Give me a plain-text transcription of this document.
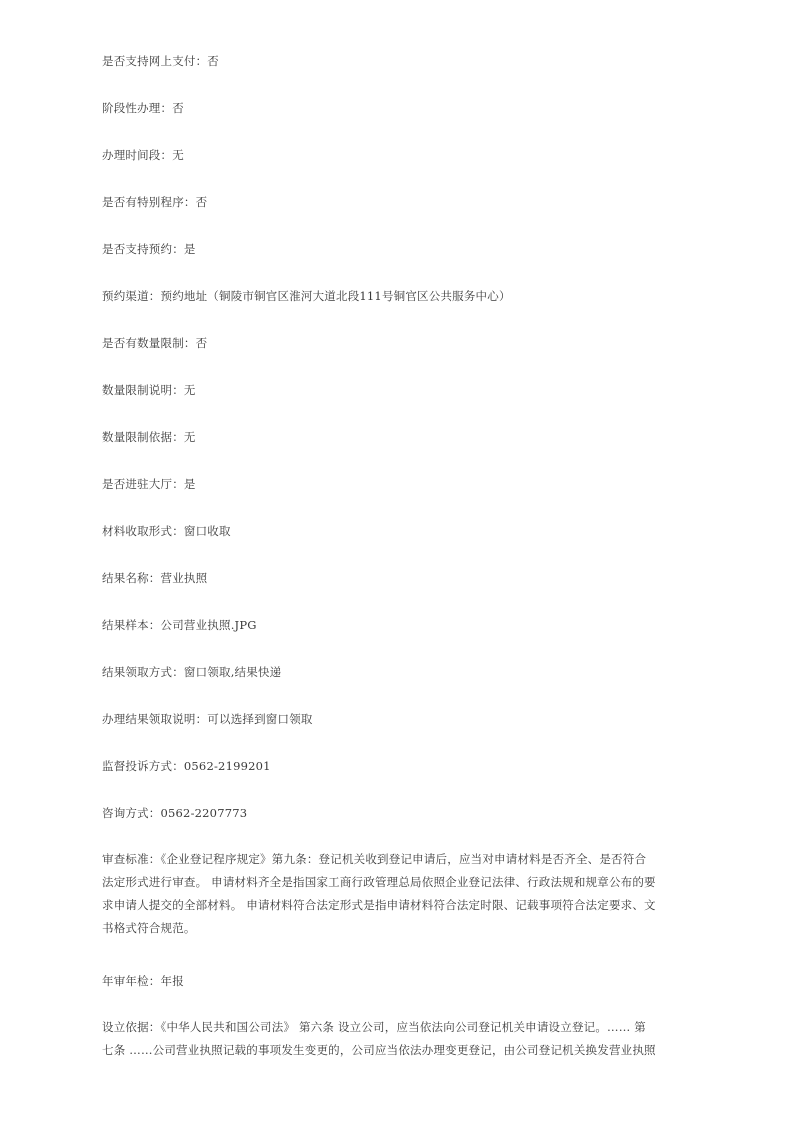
是否支持网上支付：否
阶段性办理：否
办理时间段：无
是否有特别程序：否
是否支持预约：是
预约渠道：预约地址（铜陵市铜官区淮河大道北段111号铜官区公共服务中心）
是否有数量限制：否
数量限制说明：无
数量限制依据：无
是否进驻大厅：是
材料收取形式：窗口收取
结果名称：营业执照
结果样本：公司营业执照.JPG
结果领取方式：窗口领取,结果快递
办理结果领取说明：可以选择到窗口领取
监督投诉方式：0562-2199201
咨询方式：0562-2207773
审查标准：《企业登记程序规定》第九条：登记机关收到登记申请后，应当对申请材料是否齐全、是否符合
法定形式进行审查。 申请材料齐全是指国家工商行政管理总局依照企业登记法律、行政法规和规章公布的要
求申请人提交的全部材料。 申请材料符合法定形式是指申请材料符合法定时限、记载事项符合法定要求、文
书格式符合规范。
年审年检：年报
设立依据：《中华人民共和国公司法》 第六条 设立公司，应当依法向公司登记机关申请设立登记。…… 第
七条 ……公司营业执照记载的事项发生变更的，公司应当依法办理变更登记，由公司登记机关换发营业执照
